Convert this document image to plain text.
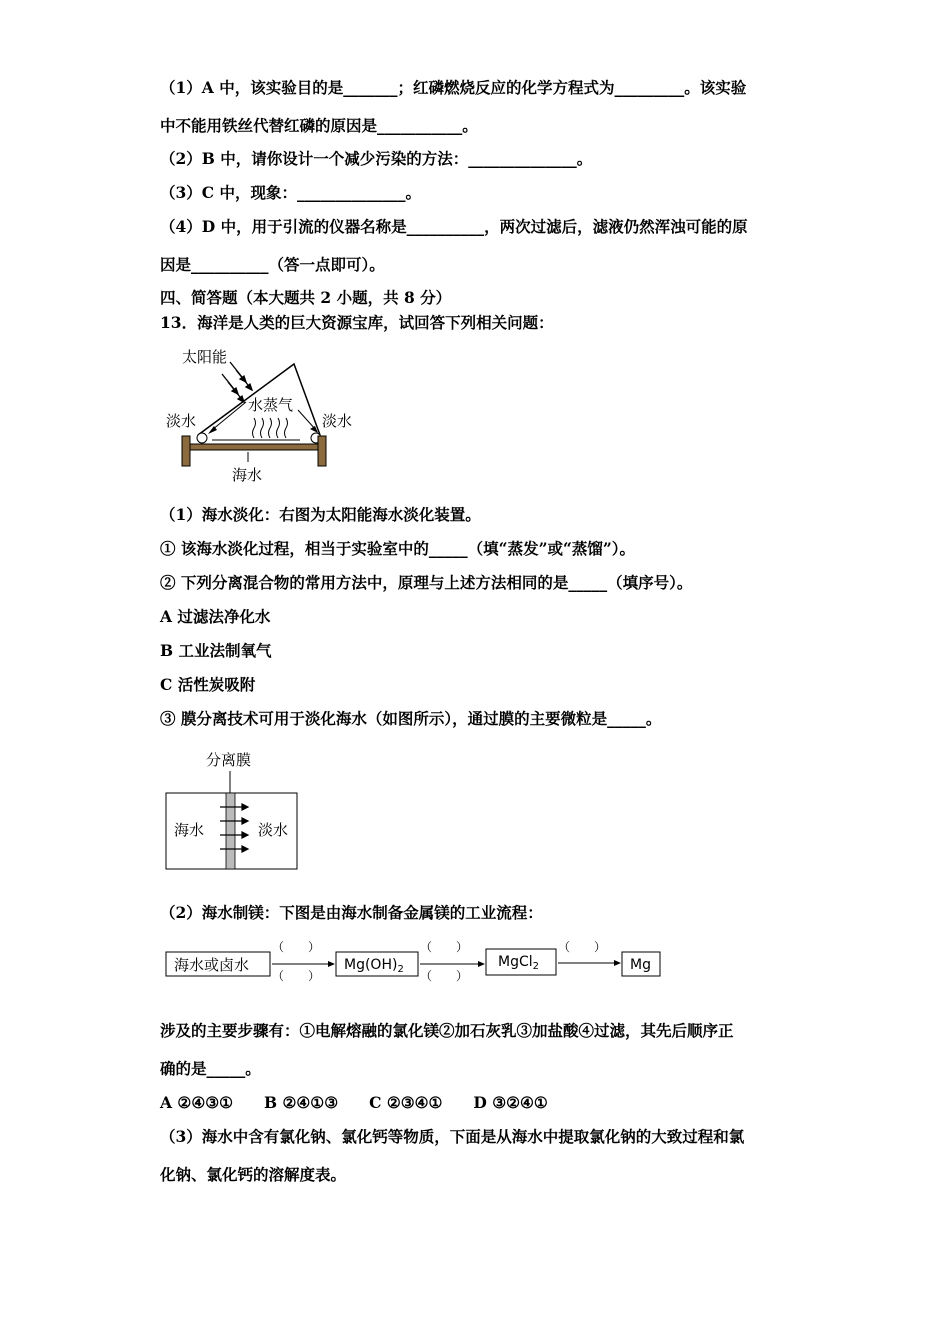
（1）A 中，该实验目的是_______；红磷燃烧反应的化学方程式为_________。该实验
中不能用铁丝代替红磷的原因是___________。
（2）B 中，请你设计一个减少污染的方法：______________。
（3）C 中，现象：______________。
（4）D 中，用于引流的仪器名称是__________，两次过滤后，滤液仍然浑浊可能的原
因是__________（答一点即可）。
四、简答题（本大题共 2 小题，共 8 分）
13．海洋是人类的巨大资源宝库，试回答下列相关问题：
太阳能
淡水
水蒸气
淡水
海水
（1）海水淡化：右图为太阳能海水淡化装置。
① 该海水淡化过程，相当于实验室中的_____（填“蒸发”或“蒸馏”）。
② 下列分离混合物的常用方法中，原理与上述方法相同的是_____（填序号）。
A 过滤法净化水
B 工业法制氧气
C 活性炭吸附
③ 膜分离技术可用于淡化海水（如图所示），通过膜的主要微粒是_____。
分离膜
海水	淡水
（2）海水制镁：下图是由海水制备金属镁的工业流程：
海水或卤水
（　　）
（　　）
$Mg(OH)_2$
（　　）
（　　）
MgCl$_2$
（　　）
Mg
涉及的主要步骤有：①电解熔融的氯化镁②加石灰乳③加盐酸④过滤，其先后顺序正
确的是_____。
A ②④③①　　B ②④①③　　C ②③④①　　D ③②④①
（3）海水中含有氯化钠、氯化钙等物质，下面是从海水中提取氯化钠的大致过程和氯
化钠、氯化钙的溶解度表。
